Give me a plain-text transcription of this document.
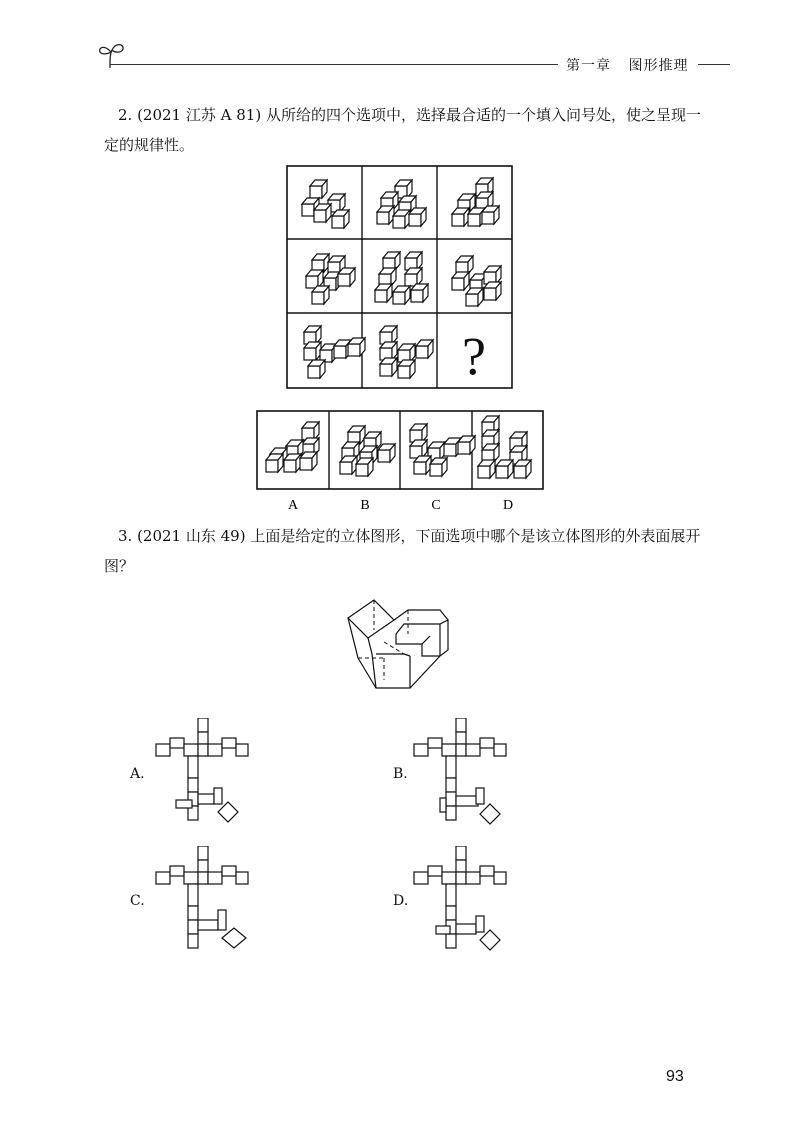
第一章 图形推理
2. (2021 江苏 A 81) 从所给的四个选项中，选择最合适的一个填入问号处，使之呈现一定的规律性。
?
A	B	C	D
3. (2021 山东 49) 上面是给定的立体图形，下面选项中哪个是该立体图形的外表面展开图？
A.	B.
C.	D.
93
